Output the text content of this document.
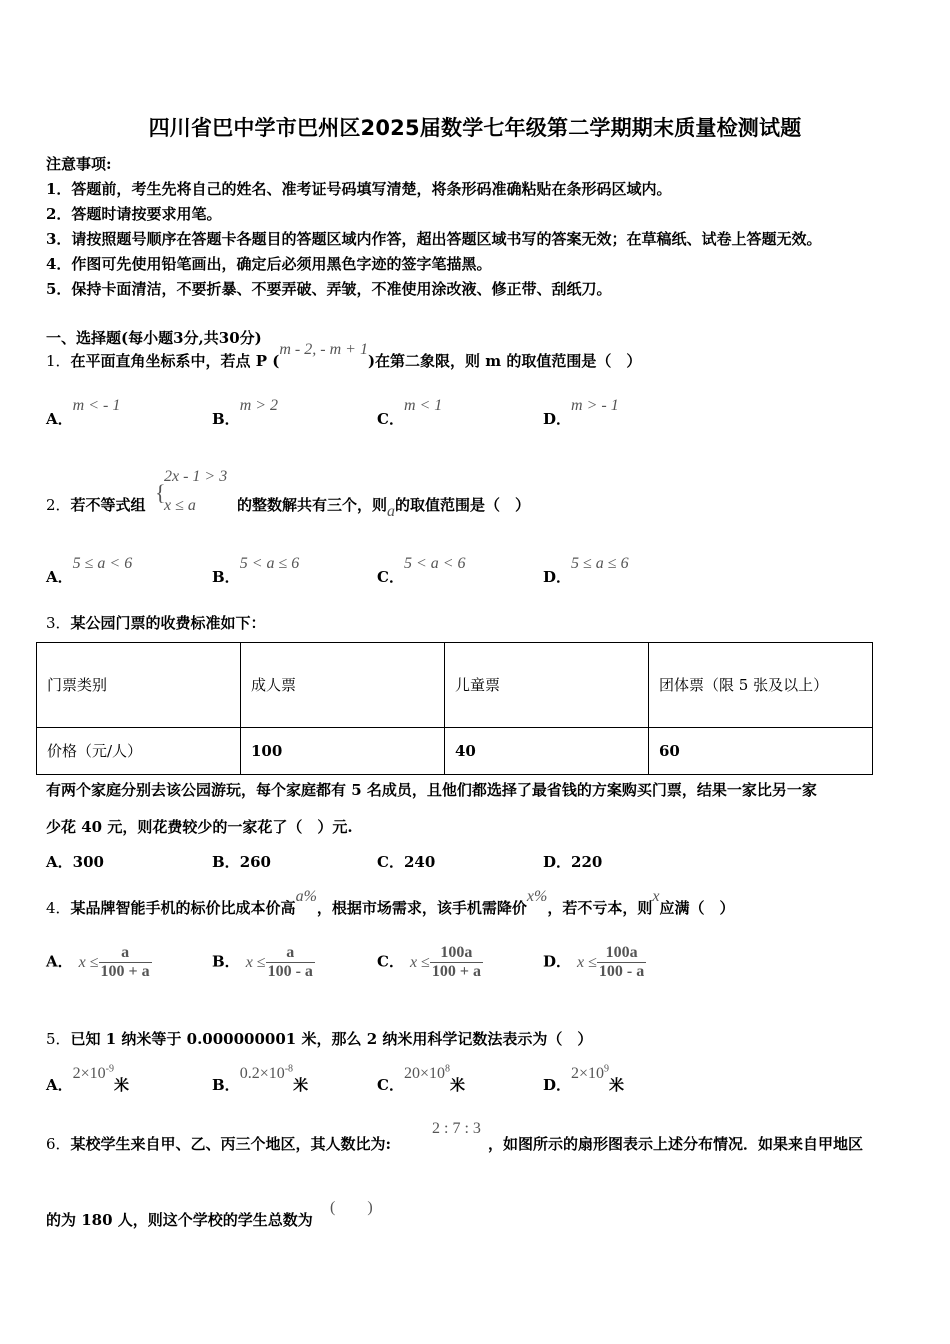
四川省巴中学市巴州区2025届数学七年级第二学期期末质量检测试题
注意事项:
1．答题前，考生先将自己的姓名、准考证号码填写清楚，将条形码准确粘贴在条形码区域内。
2．答题时请按要求用笔。
3．请按照题号顺序在答题卡各题目的答题区域内作答，超出答题区域书写的答案无效；在草稿纸、试卷上答题无效。
4．作图可先使用铅笔画出，确定后必须用黑色字迹的签字笔描黑。
5．保持卡面清洁，不要折暴、不要弄破、弄皱，不准使用涂改液、修正带、刮纸刀。
一、选择题(每小题3分,共30分)
1．在平面直角坐标系中，若点 P (m - 2, - m + 1)在第二象限，则 m 的取值范围是（　）
A．m < - 1
B．m > 2
C．m < 1
D．m > - 1
2．若不等式组 {
2x - 1 > 3
x ≤ a	的整数解共有三个，则a的取值范围是（　）
A．5 ≤ a < 6
B．5 < a ≤ 6
C．5 < a < 6
D．5 ≤ a ≤ 6
3．某公园门票的收费标准如下：
门票类别	成人票	儿童票	团体票（限 5 张及以上）
价格（元/人）	100	40	60
有两个家庭分别去该公园游玩，每个家庭都有 5 名成员，且他们都选择了最省钱的方案购买门票，结果一家比另一家
少花 40 元，则花费较少的一家花了（　）元.
A．300	B．260	C．240	D．220
4．某品牌智能手机的标价比成本价高a%，根据市场需求，该手机需降价x%，若不亏本，则x应满（　）
A． $x \le \frac{a}{100 + a}$	B． $x \le \frac{a}{100 - a}$	C． $x \le \frac{100a}{100 + a}$	D． $x \le \frac{100a}{100 - a}$
5．已知 1 纳米等于 0.000000001 米，那么 2 纳米用科学记数法表示为（　）
A．$2\times 10^{-9}$米	B．$0.2\times 10^{-8}$米	C．$20\times 10^8$米	D．$2\times 10^9$米
6．某校学生来自甲、乙、丙三个地区，其人数比为:
2 : 7 : 3
，如图所示的扇形图表示上述分布情况．如果来自甲地区
的为 180 人，则这个学校的学生总数为
(　　)
